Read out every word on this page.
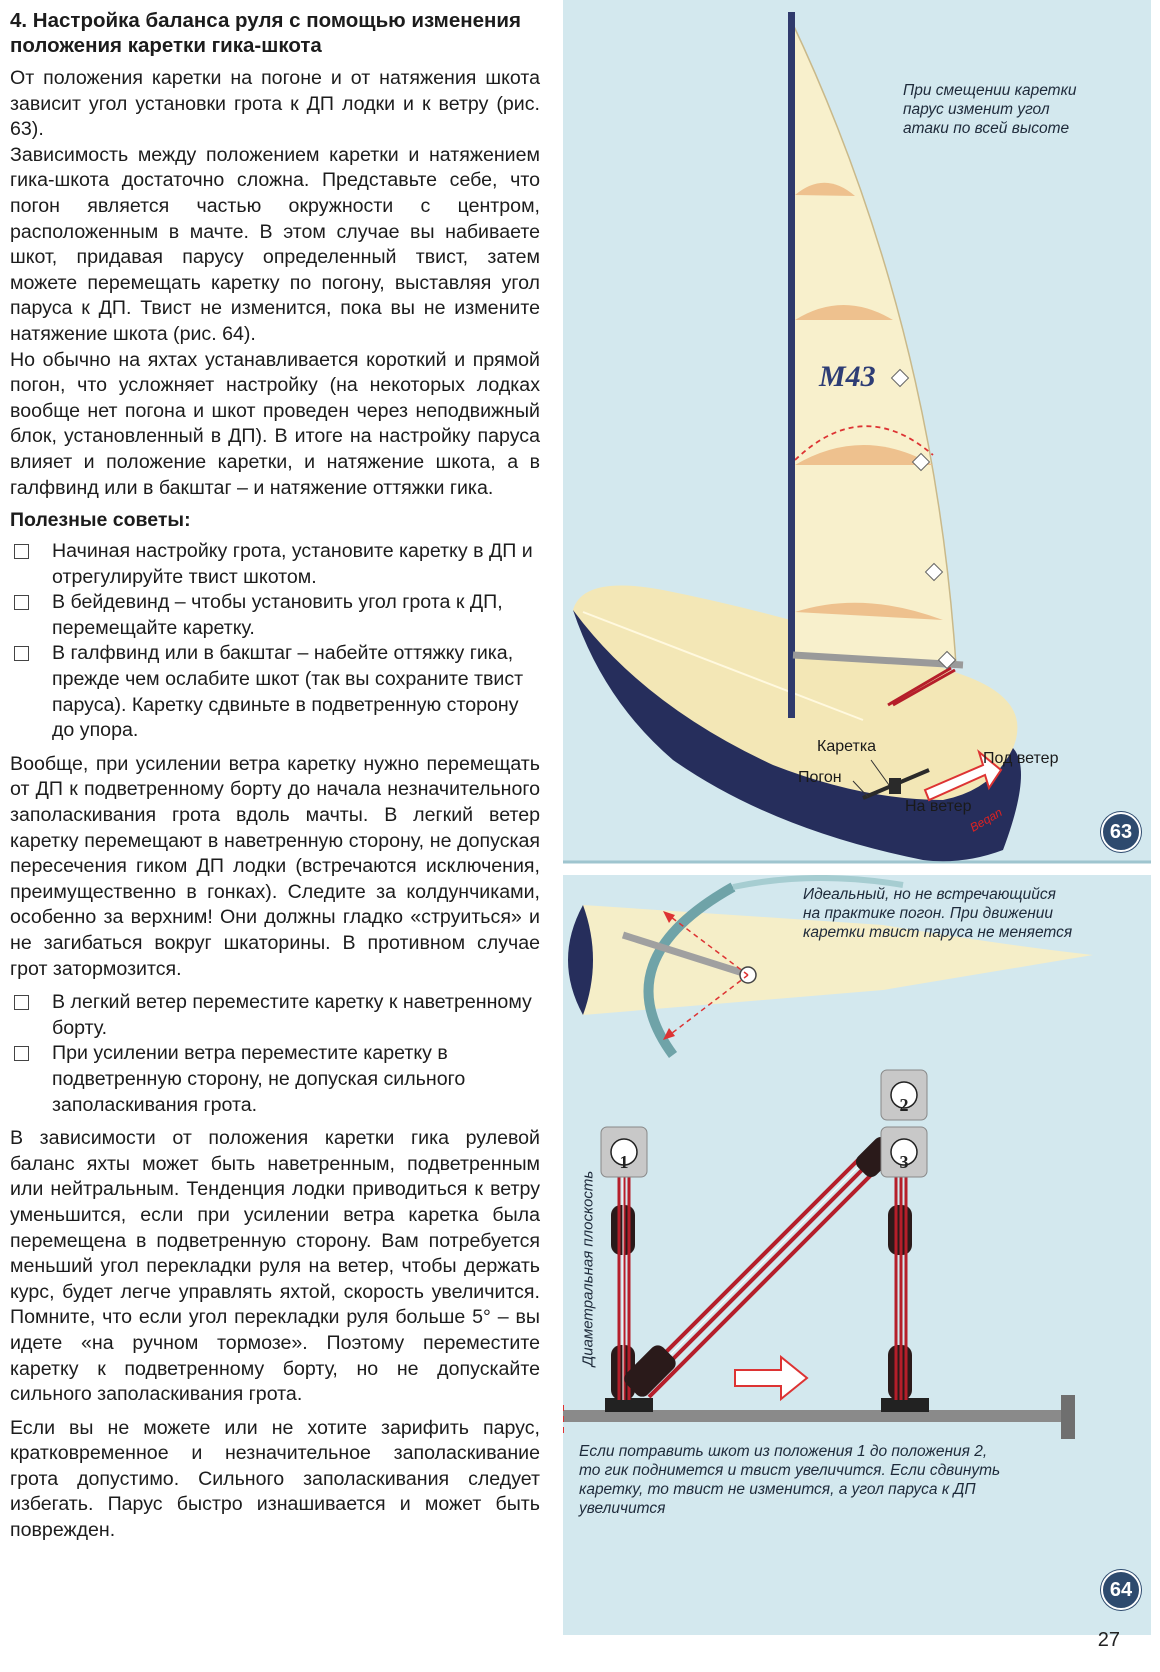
4. Настройка баланса руля с помощью изменения положения каретки гика-шкота

От положения каретки на погоне и от натяжения шкота зависит угол установки грота к ДП лодки и к ветру (рис. 63).

Зависимость между положением каретки и натяжением гика-шкота достаточно сложна. Представьте себе, что погон является частью окружности с центром, расположенным в мачте. В этом случае вы набиваете шкот, придавая парусу определенный твист, затем можете перемещать каретку по погону, выставляя угол паруса к ДП. Твист не изменится, пока вы не измените натяжение шкота (рис. 64).

Но обычно на яхтах устанавливается короткий и прямой погон, что усложняет настройку (на некоторых лодках вообще нет погона и шкот проведен через неподвижный блок, установленный в ДП). В итоге на настройку паруса влияет и положение каретки, и натяжение шкота, а в галфвинд или в бакштаг – и натяжение оттяжки гика.

Полезные советы:
Начиная настройку грота, установите каретку в ДП и отрегулируйте твист шкотом.
В бейдевинд – чтобы установить угол грота к ДП, перемещайте каретку.
В галфвинд или в бакштаг – набейте оттяжку гика, прежде чем ослабите шкот (так вы сохраните твист паруса). Каретку сдвиньте в подветренную сторону до упора.

Вообще, при усилении ветра каретку нужно перемещать от ДП к подветренному борту до начала незначительного заполаскивания грота вдоль мачты. В легкий ветер каретку перемещают в наветренную сторону, не допуская пересечения гиком ДП лодки (встречаются исключения, преимущественно в гонках). Следите за колдунчиками, особенно за верхним! Они должны гладко «струиться» и не загибаться вокруг шкаторины. В противном случае грот затормозится.

В легкий ветер переместите каретку к наветренному борту.
При усилении ветра переместите каретку в подветренную сторону, не допуская сильного заполаскивания грота.

В зависимости от положения каретки гика рулевой баланс яхты может быть наветренным, подветренным или нейтральным. Тенденция лодки приводиться к ветру уменьшится, если при усилении ветра каретка была перемещена в подветренную сторону. Вам потребуется меньший угол перекладки руля на ветер, чтобы держать курс, будет легче управлять яхтой, скорость увеличится. Помните, что если угол перекладки руля больше 5° – вы идете «на ручном тормозе». Поэтому переместите каретку к подветренному борту, но не допускайте сильного заполаскивания грота.

Если вы не можете или не хотите зарифить парус, кратковременное и незначительное заполаскивание грота допустимо. Сильного заполаскивания следует избегать. Парус быстро изнашивается и может быть поврежден.

Beqan
При смещении каретки
парус изменит угол
атаки по всей высоте
M43
Каретка
Погон
Под ветер
На ветер
63
Идеальный, но не встречающийся
на практике погон. При движении
каретки твист паруса не меняется
Диаметральная плоскость
1
2
3
Если потравить шкот из положения 1 до положения 2,
то гик поднимется и твист увеличится. Если сдвинуть
каретку, то твист не изменится, а угол паруса к ДП
увеличится
64
27
